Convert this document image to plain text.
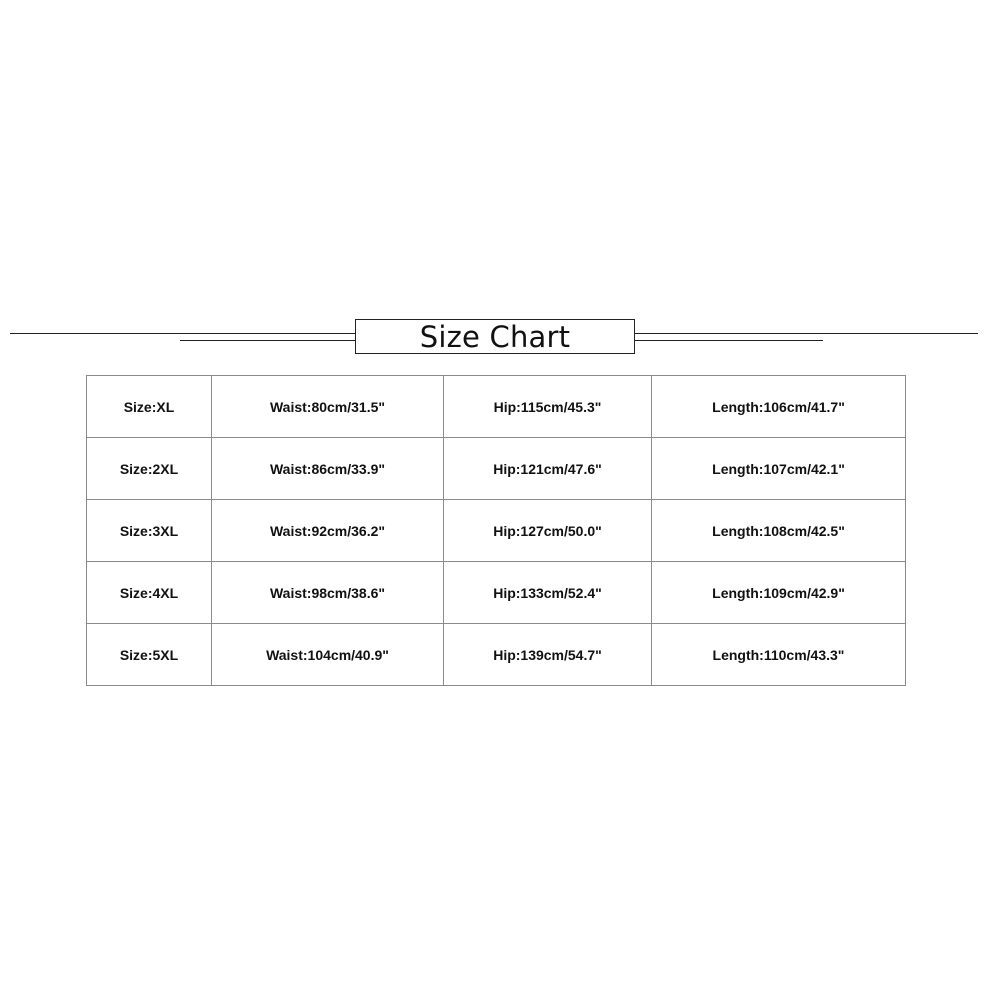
Size Chart
Size:XL	Waist:80cm/31.5"	Hip:115cm/45.3"	Length:106cm/41.7"
Size:2XL	Waist:86cm/33.9"	Hip:121cm/47.6"	Length:107cm/42.1"
Size:3XL	Waist:92cm/36.2"	Hip:127cm/50.0"	Length:108cm/42.5"
Size:4XL	Waist:98cm/38.6"	Hip:133cm/52.4"	Length:109cm/42.9"
Size:5XL	Waist:104cm/40.9"	Hip:139cm/54.7"	Length:110cm/43.3"
